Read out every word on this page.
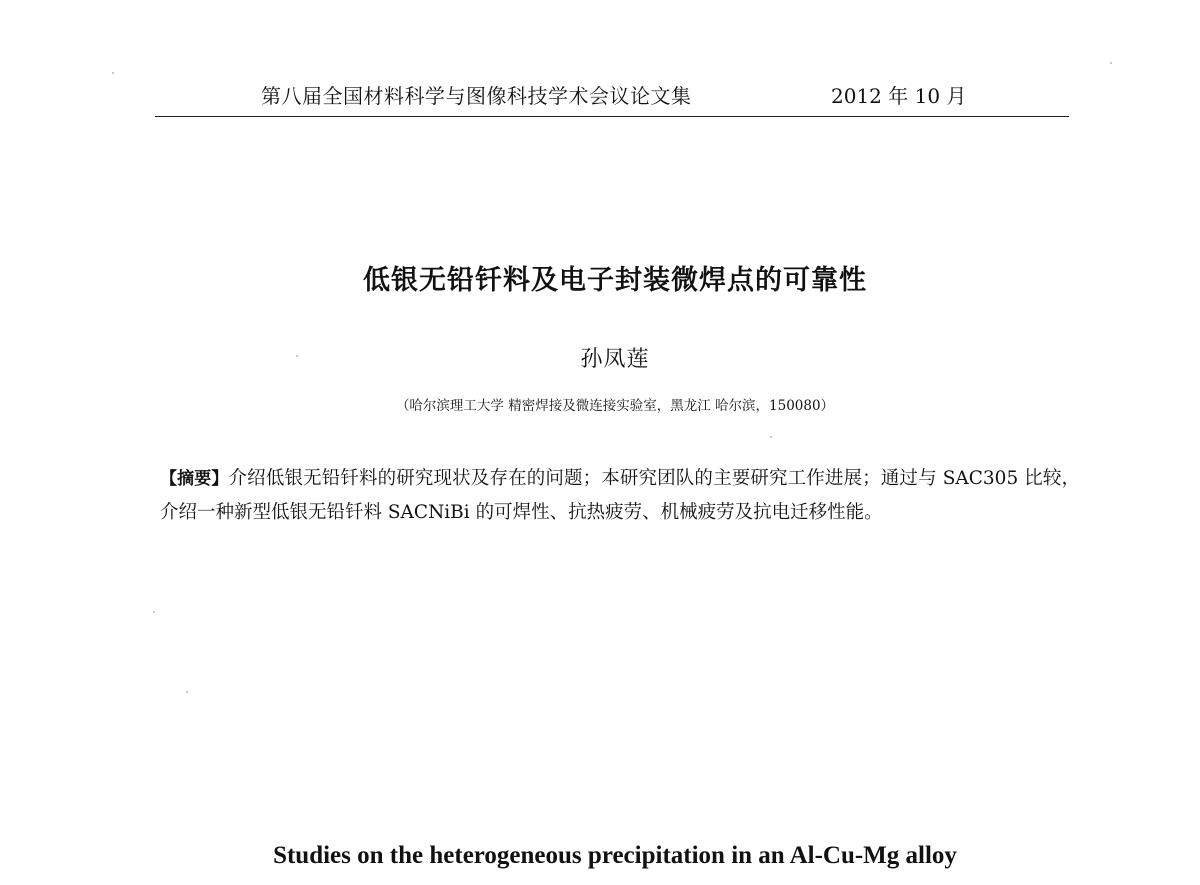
第八届全国材料科学与图像科技学术会议论文集	2012 年 10 月
低银无铅钎料及电子封装微焊点的可靠性
孙凤莲
（哈尔滨理工大学 精密焊接及微连接实验室，黑龙江 哈尔滨，150080）
【摘要】介绍低银无铅钎料的研究现状及存在的问题；本研究团队的主要研究工作进展；通过与 SAC305 比较，介绍一种新型低银无铅钎料 SACNiBi 的可焊性、抗热疲劳、机械疲劳及抗电迁移性能。
Studies on the heterogeneous precipitation in an Al-Cu-Mg alloy
